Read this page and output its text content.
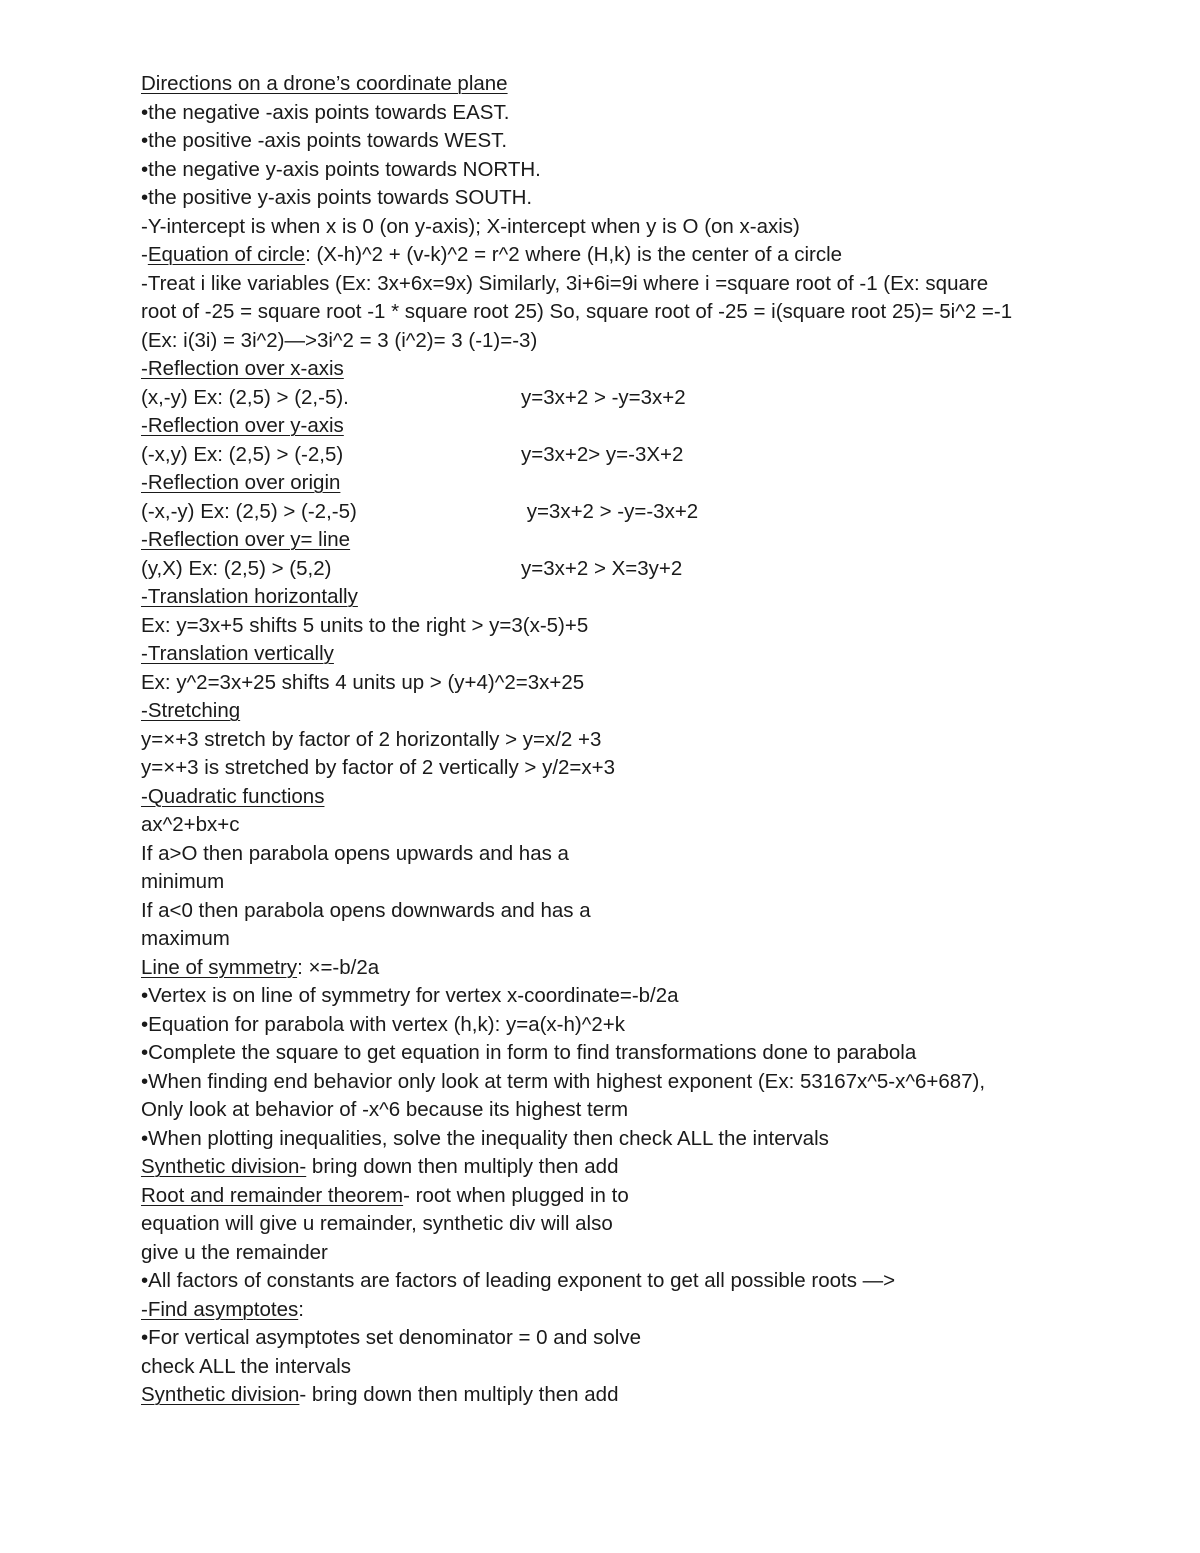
Directions on a drone’s coordinate plane
•the negative -axis points towards EAST.
•the positive -axis points towards WEST.
•the negative y-axis points towards NORTH.
•the positive y-axis points towards SOUTH.
-Y-intercept is when x is 0 (on y-axis); X-intercept when y is O (on x-axis)
-Equation of circle: (X-h)^2 + (v-k)^2 = r^2 where (H,k) is the center of a circle
-Treat i like variables (Ex: 3x+6x=9x) Similarly, 3i+6i=9i where i =square root of -1 (Ex: square
root of -25 = square root -1 * square root 25) So, square root of -25 = i(square root 25)= 5i^2 =-1
(Ex: i(3i) = 3i^2)—>3i^2 = 3 (i^2)= 3 (-1)=-3)
-Reflection over x-axis
(x,-y) Ex: (2,5) > (2,-5).	y=3x+2 > -y=3x+2
-Reflection over y-axis
(-x,y) Ex: (2,5) > (-2,5)	y=3x+2> y=-3X+2
-Reflection over origin
(-x,-y) Ex: (2,5) > (-2,-5)	y=3x+2 > -y=-3x+2
-Reflection over y= line
(y,X) Ex: (2,5) > (5,2)	y=3x+2 > X=3y+2
-Translation horizontally
Ex: y=3x+5 shifts 5 units to the right > y=3(x-5)+5
-Translation vertically
Ex: y^2=3x+25 shifts 4 units up > (y+4)^2=3x+25
-Stretching
y=×+3 stretch by factor of 2 horizontally > y=x/2 +3
y=×+3 is stretched by factor of 2 vertically > y/2=x+3
-Quadratic functions
ax^2+bx+c
If a>O then parabola opens upwards and has a
minimum
If a<0 then parabola opens downwards and has a
maximum
Line of symmetry: ×=-b/2a
•Vertex is on line of symmetry for vertex x-coordinate=-b/2a
•Equation for parabola with vertex (h,k): y=a(x-h)^2+k
•Complete the square to get equation in form to find transformations done to parabola
•When finding end behavior only look at term with highest exponent (Ex: 53167x^5-x^6+687),
Only look at behavior of -x^6 because its highest term
•When plotting inequalities, solve the inequality then check ALL the intervals
Synthetic division- bring down then multiply then add
Root and remainder theorem- root when plugged in to
equation will give u remainder, synthetic div will also
give u the remainder
•All factors of constants are factors of leading exponent to get all possible roots —>
-Find asymptotes:
•For vertical asymptotes set denominator = 0 and solve
check ALL the intervals
Synthetic division- bring down then multiply then add
